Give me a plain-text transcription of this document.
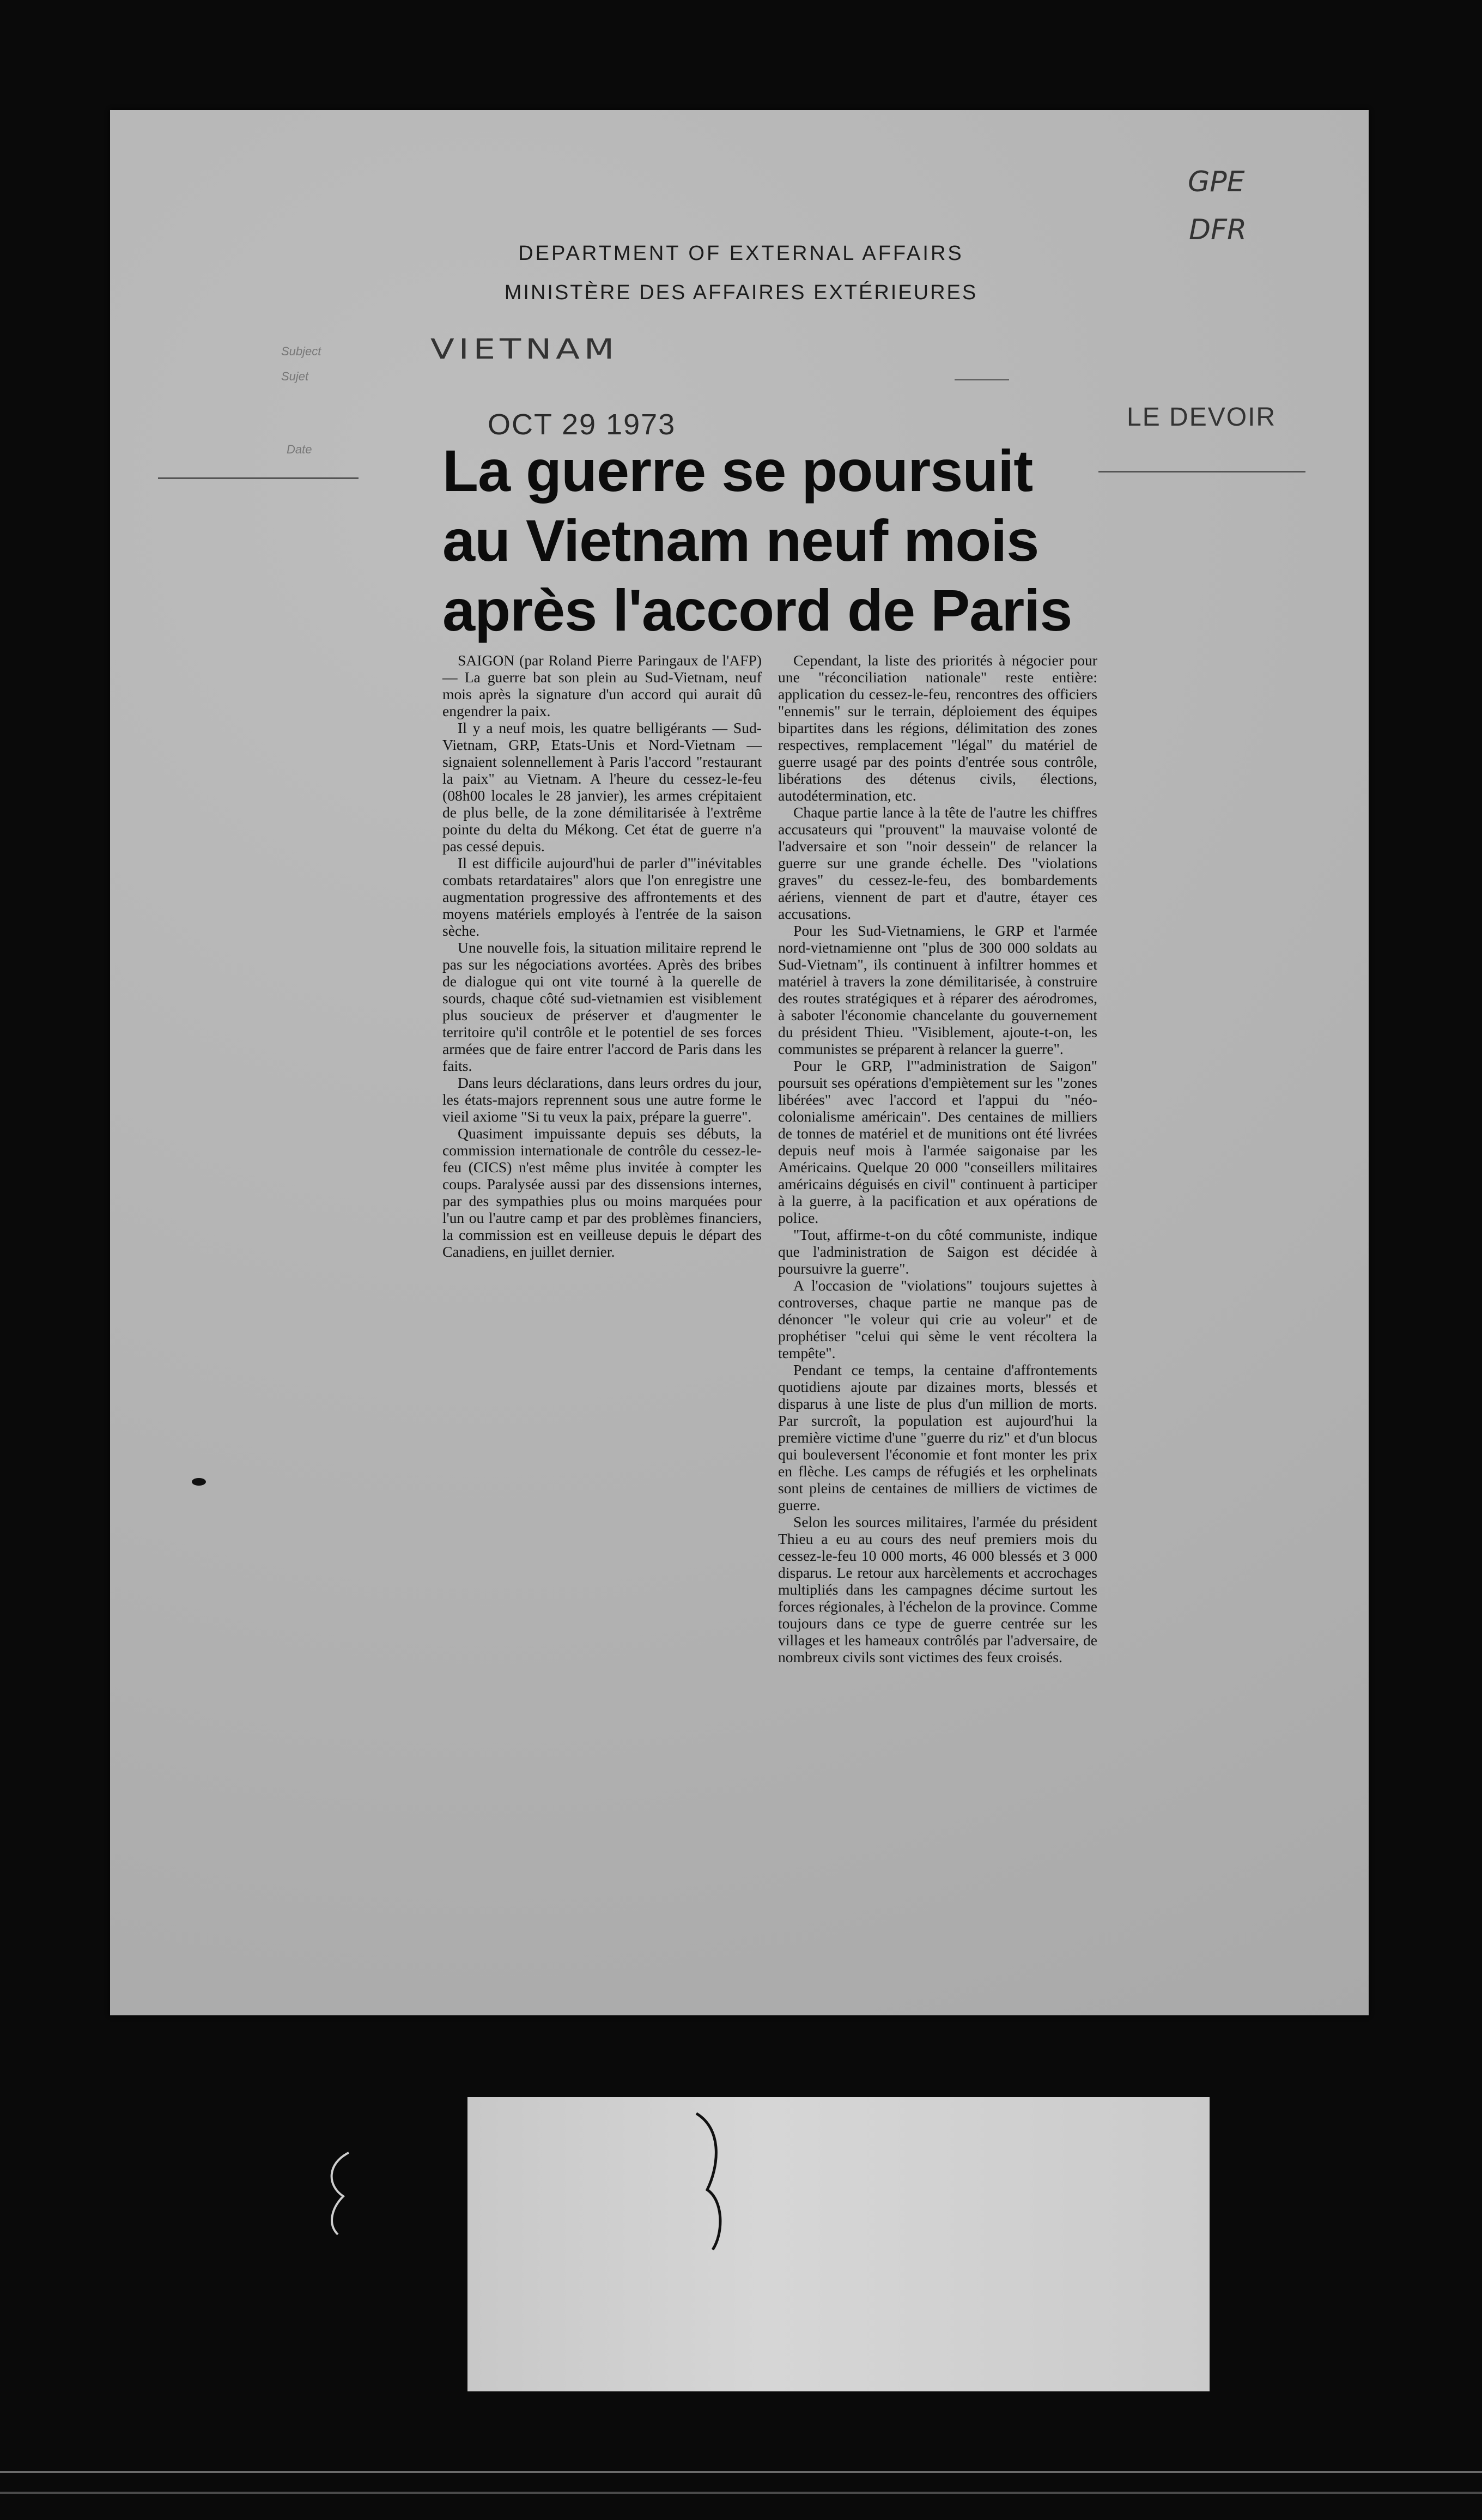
DEPARTMENT OF EXTERNAL AFFAIRS
MINISTÈRE DES AFFAIRES EXTÉRIEURES
Subject
Sujet
Date
VIETNAM
GPE
DFR
OCT 29 1973	LE DEVOIR
La guerre se poursuit
au Vietnam neuf mois
après l'accord de Paris

SAIGON (par Roland Pierre Paringaux de l'AFP) — La guerre bat son plein au Sud-Vietnam, neuf mois après la signature d'un accord qui aurait dû engendrer la paix.

Il y a neuf mois, les quatre belligérants — Sud-Vietnam, GRP, Etats-Unis et Nord-Vietnam — signaient solennellement à Paris l'accord "restaurant la paix" au Vietnam. A l'heure du cessez-le-feu (08h00 locales le 28 janvier), les armes crépitaient de plus belle, de la zone démilitarisée à l'extrême pointe du delta du Mékong. Cet état de guerre n'a pas cessé depuis.

Il est difficile aujourd'hui de parler d'"inévitables combats retardataires" alors que l'on enregistre une augmentation progressive des affrontements et des moyens matériels employés à l'entrée de la saison sèche.

Une nouvelle fois, la situation militaire reprend le pas sur les négociations avortées. Après des bribes de dialogue qui ont vite tourné à la querelle de sourds, chaque côté sud-vietnamien est visiblement plus soucieux de préserver et d'augmenter le territoire qu'il contrôle et le potentiel de ses forces armées que de faire entrer l'accord de Paris dans les faits.

Dans leurs déclarations, dans leurs ordres du jour, les états-majors reprennent sous une autre forme le vieil axiome "Si tu veux la paix, prépare la guerre".

Quasiment impuissante depuis ses débuts, la commission internationale de contrôle du cessez-le-feu (CICS) n'est même plus invitée à compter les coups. Paralysée aussi par des dissensions internes, par des sympathies plus ou moins marquées pour l'un ou l'autre camp et par des problèmes financiers, la commission est en veilleuse depuis le départ des Canadiens, en juillet dernier.

Cependant, la liste des priorités à négocier pour une "réconciliation nationale" reste entière: application du cessez-le-feu, rencontres des officiers "ennemis" sur le terrain, déploiement des équipes bipartites dans les régions, délimitation des zones respectives, remplacement "légal" du matériel de guerre usagé par des points d'entrée sous contrôle, libérations des détenus civils, élections, autodétermination, etc.

Chaque partie lance à la tête de l'autre les chiffres accusateurs qui "prouvent" la mauvaise volonté de l'adversaire et son "noir dessein" de relancer la guerre sur une grande échelle. Des "violations graves" du cessez-le-feu, des bombardements aériens, viennent de part et d'autre, étayer ces accusations.

Pour les Sud-Vietnamiens, le GRP et l'armée nord-vietnamienne ont "plus de 300 000 soldats au Sud-Vietnam", ils continuent à infiltrer hommes et matériel à travers la zone démilitarisée, à construire des routes stratégiques et à réparer des aérodromes, à saboter l'économie chancelante du gouvernement du président Thieu. "Visiblement, ajoute-t-on, les communistes se préparent à relancer la guerre".

Pour le GRP, l'"administration de Saigon" poursuit ses opérations d'empiètement sur les "zones libérées" avec l'accord et l'appui du "néo-colonialisme américain". Des centaines de milliers de tonnes de matériel et de munitions ont été livrées depuis neuf mois à l'armée saigonaise par les Américains. Quelque 20 000 "conseillers militaires américains déguisés en civil" continuent à participer à la guerre, à la pacification et aux opérations de police.

"Tout, affirme-t-on du côté communiste, indique que l'administration de Saigon est décidée à poursuivre la guerre".

A l'occasion de "violations" toujours sujettes à controverses, chaque partie ne manque pas de dénoncer "le voleur qui crie au voleur" et de prophétiser "celui qui sème le vent récoltera la tempête".

Pendant ce temps, la centaine d'affrontements quotidiens ajoute par dizaines morts, blessés et disparus à une liste de plus d'un million de morts. Par surcroît, la population est aujourd'hui la première victime d'une "guerre du riz" et d'un blocus qui bouleversent l'économie et font monter les prix en flèche. Les camps de réfugiés et les orphelinats sont pleins de centaines de milliers de victimes de guerre.

Selon les sources militaires, l'armée du président Thieu a eu au cours des neuf premiers mois du cessez-le-feu 10 000 morts, 46 000 blessés et 3 000 disparus. Le retour aux harcèlements et accrochages multipliés dans les campagnes décime surtout les forces régionales, à l'échelon de la province. Comme toujours dans ce type de guerre centrée sur les villages et les hameaux contrôlés par l'adversaire, de nombreux civils sont victimes des feux croisés.
